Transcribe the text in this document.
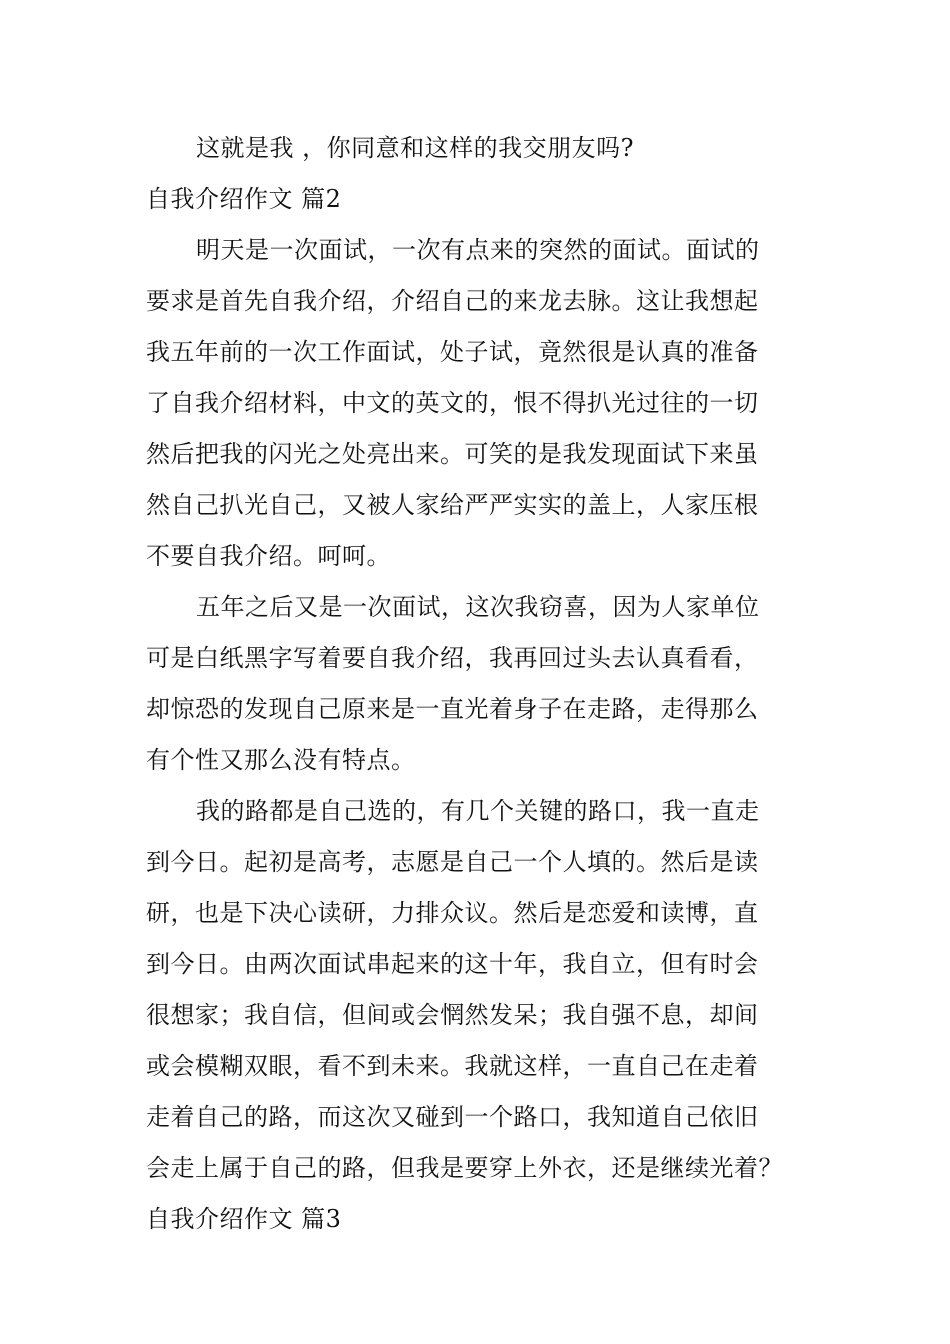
这就是我 ，你同意和这样的我交朋友吗?
自我介绍作文 篇2
明天是一次面试，一次有点来的突然的面试。面试的
要求是首先自我介绍，介绍自己的来龙去脉。这让我想起
我五年前的一次工作面试，处子试，竟然很是认真的准备
了自我介绍材料，中文的英文的，恨不得扒光过往的一切
然后把我的闪光之处亮出来。可笑的是我发现面试下来虽
然自己扒光自己，又被人家给严严实实的盖上，人家压根
不要自我介绍。呵呵。
五年之后又是一次面试，这次我窃喜，因为人家单位
可是白纸黑字写着要自我介绍，我再回过头去认真看看，
却惊恐的发现自己原来是一直光着身子在走路，走得那么
有个性又那么没有特点。
我的路都是自己选的，有几个关键的路口，我一直走
到今日。起初是高考，志愿是自己一个人填的。然后是读
研，也是下决心读研，力排众议。然后是恋爱和读博，直
到今日。由两次面试串起来的这十年，我自立，但有时会
很想家；我自信，但间或会惘然发呆；我自强不息，却间
或会模糊双眼，看不到未来。我就这样，一直自己在走着
走着自己的路，而这次又碰到一个路口，我知道自己依旧
会走上属于自己的路，但我是要穿上外衣，还是继续光着？
自我介绍作文 篇3
